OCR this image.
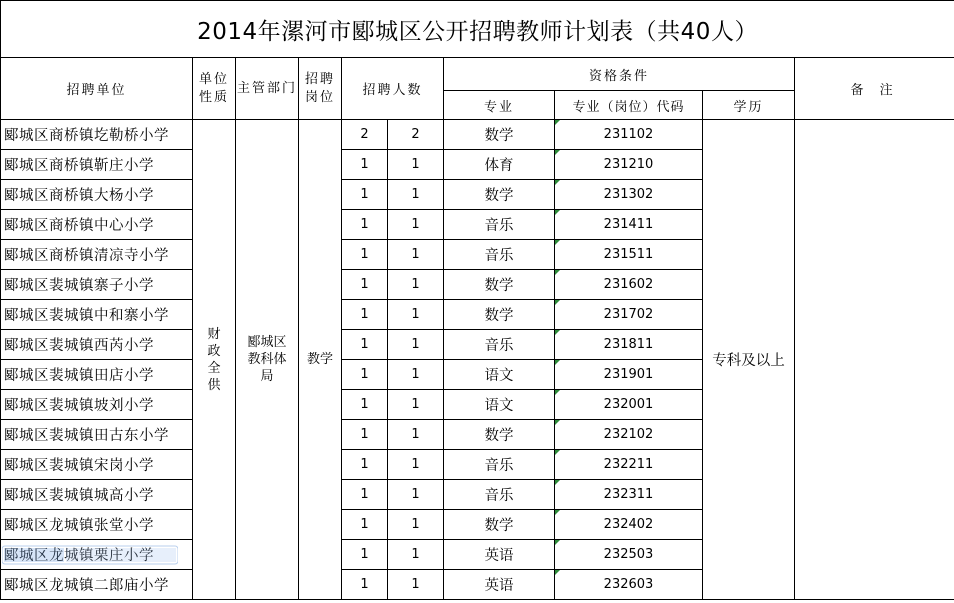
2014年漯河市郾城区公开招聘教师计划表（共40人）									
招聘单位	单位性质	主管部门	招聘岗位	招聘人数		资格条件			备 注
						专业	专业（岗位）代码	学历	
郾城区商桥镇圪勒桥小学	财政全供	郾城区教科体局	教学	2	2	数学	231102	专科及以上	
郾城区商桥镇靳庄小学				1	1	体育	231210		
郾城区商桥镇大杨小学				1	1	数学	231302		
郾城区商桥镇中心小学				1	1	音乐	231411		
郾城区商桥镇清凉寺小学				1	1	音乐	231511		
郾城区裴城镇寨子小学				1	1	数学	231602		
郾城区裴城镇中和寨小学				1	1	数学	231702		
郾城区裴城镇西芮小学				1	1	音乐	231811		
郾城区裴城镇田店小学				1	1	语文	231901		
郾城区裴城镇坡刘小学				1	1	语文	232001		
郾城区裴城镇田古东小学				1	1	数学	232102		
郾城区裴城镇宋岗小学				1	1	音乐	232211		
郾城区裴城镇城高小学				1	1	音乐	232311		
郾城区龙城镇张堂小学				1	1	数学	232402		
郾城区龙城镇栗庄小学				1	1	英语	232503		
郾城区龙城镇二郎庙小学				1	1	英语	232603		
